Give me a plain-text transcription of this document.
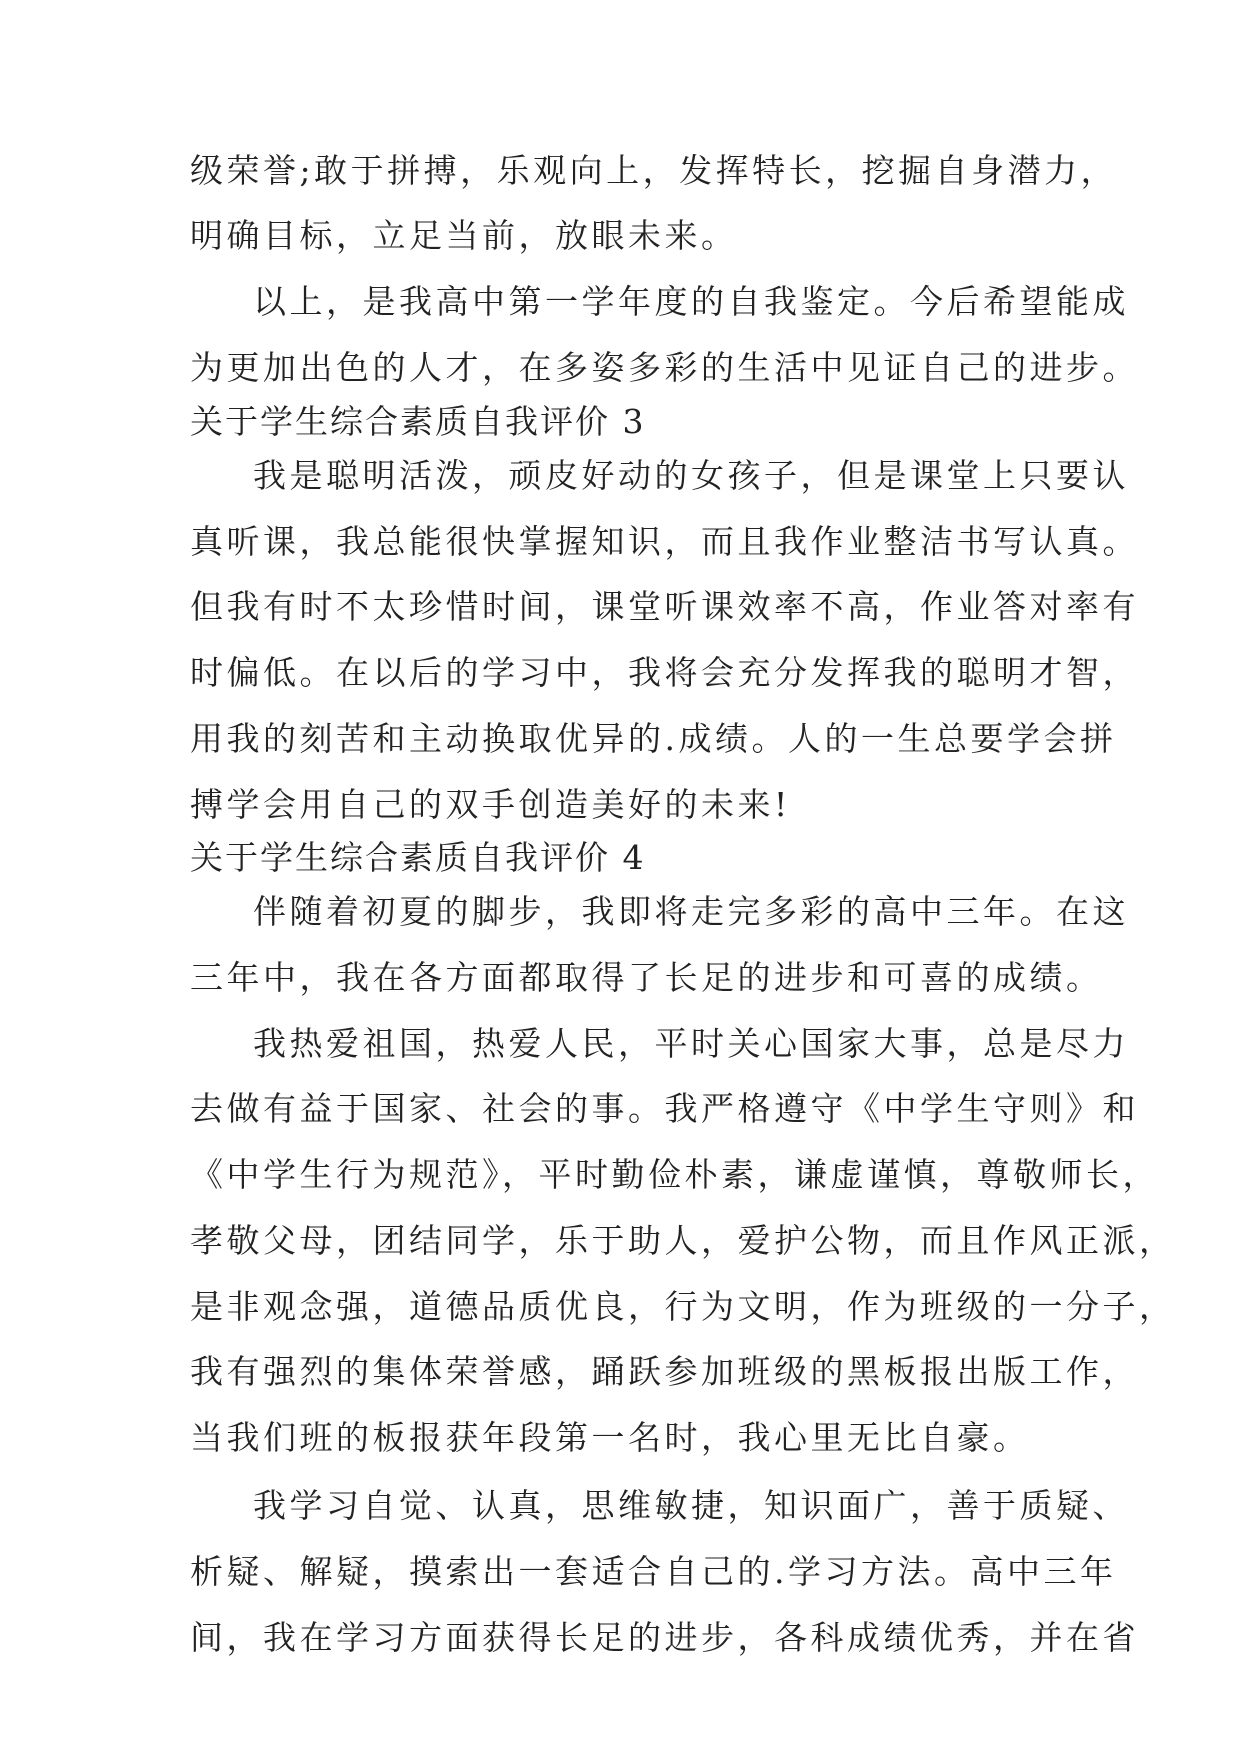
级荣誉;敢于拼搏，乐观向上，发挥特长，挖掘自身潜力，
明确目标，立足当前，放眼未来。
以上，是我高中第一学年度的自我鉴定。今后希望能成
为更加出色的人才，在多姿多彩的生活中见证自己的进步。
关于学生综合素质自我评价 3
我是聪明活泼，顽皮好动的女孩子，但是课堂上只要认
真听课，我总能很快掌握知识，而且我作业整洁书写认真。
但我有时不太珍惜时间，课堂听课效率不高，作业答对率有
时偏低。在以后的学习中，我将会充分发挥我的聪明才智，
用我的刻苦和主动换取优异的.成绩。人的一生总要学会拼
搏学会用自己的双手创造美好的未来!
关于学生综合素质自我评价 4
伴随着初夏的脚步，我即将走完多彩的高中三年。在这
三年中，我在各方面都取得了长足的进步和可喜的成绩。
我热爱祖国，热爱人民，平时关心国家大事，总是尽力
去做有益于国家、社会的事。我严格遵守《中学生守则》和
《中学生行为规范》，平时勤俭朴素，谦虚谨慎，尊敬师长，
孝敬父母，团结同学，乐于助人，爱护公物，而且作风正派，
是非观念强，道德品质优良，行为文明，作为班级的一分子，
我有强烈的集体荣誉感，踊跃参加班级的黑板报出版工作，
当我们班的板报获年段第一名时，我心里无比自豪。
我学习自觉、认真，思维敏捷，知识面广，善于质疑、
析疑、解疑，摸索出一套适合自己的.学习方法。高中三年
间，我在学习方面获得长足的进步，各科成绩优秀，并在省
